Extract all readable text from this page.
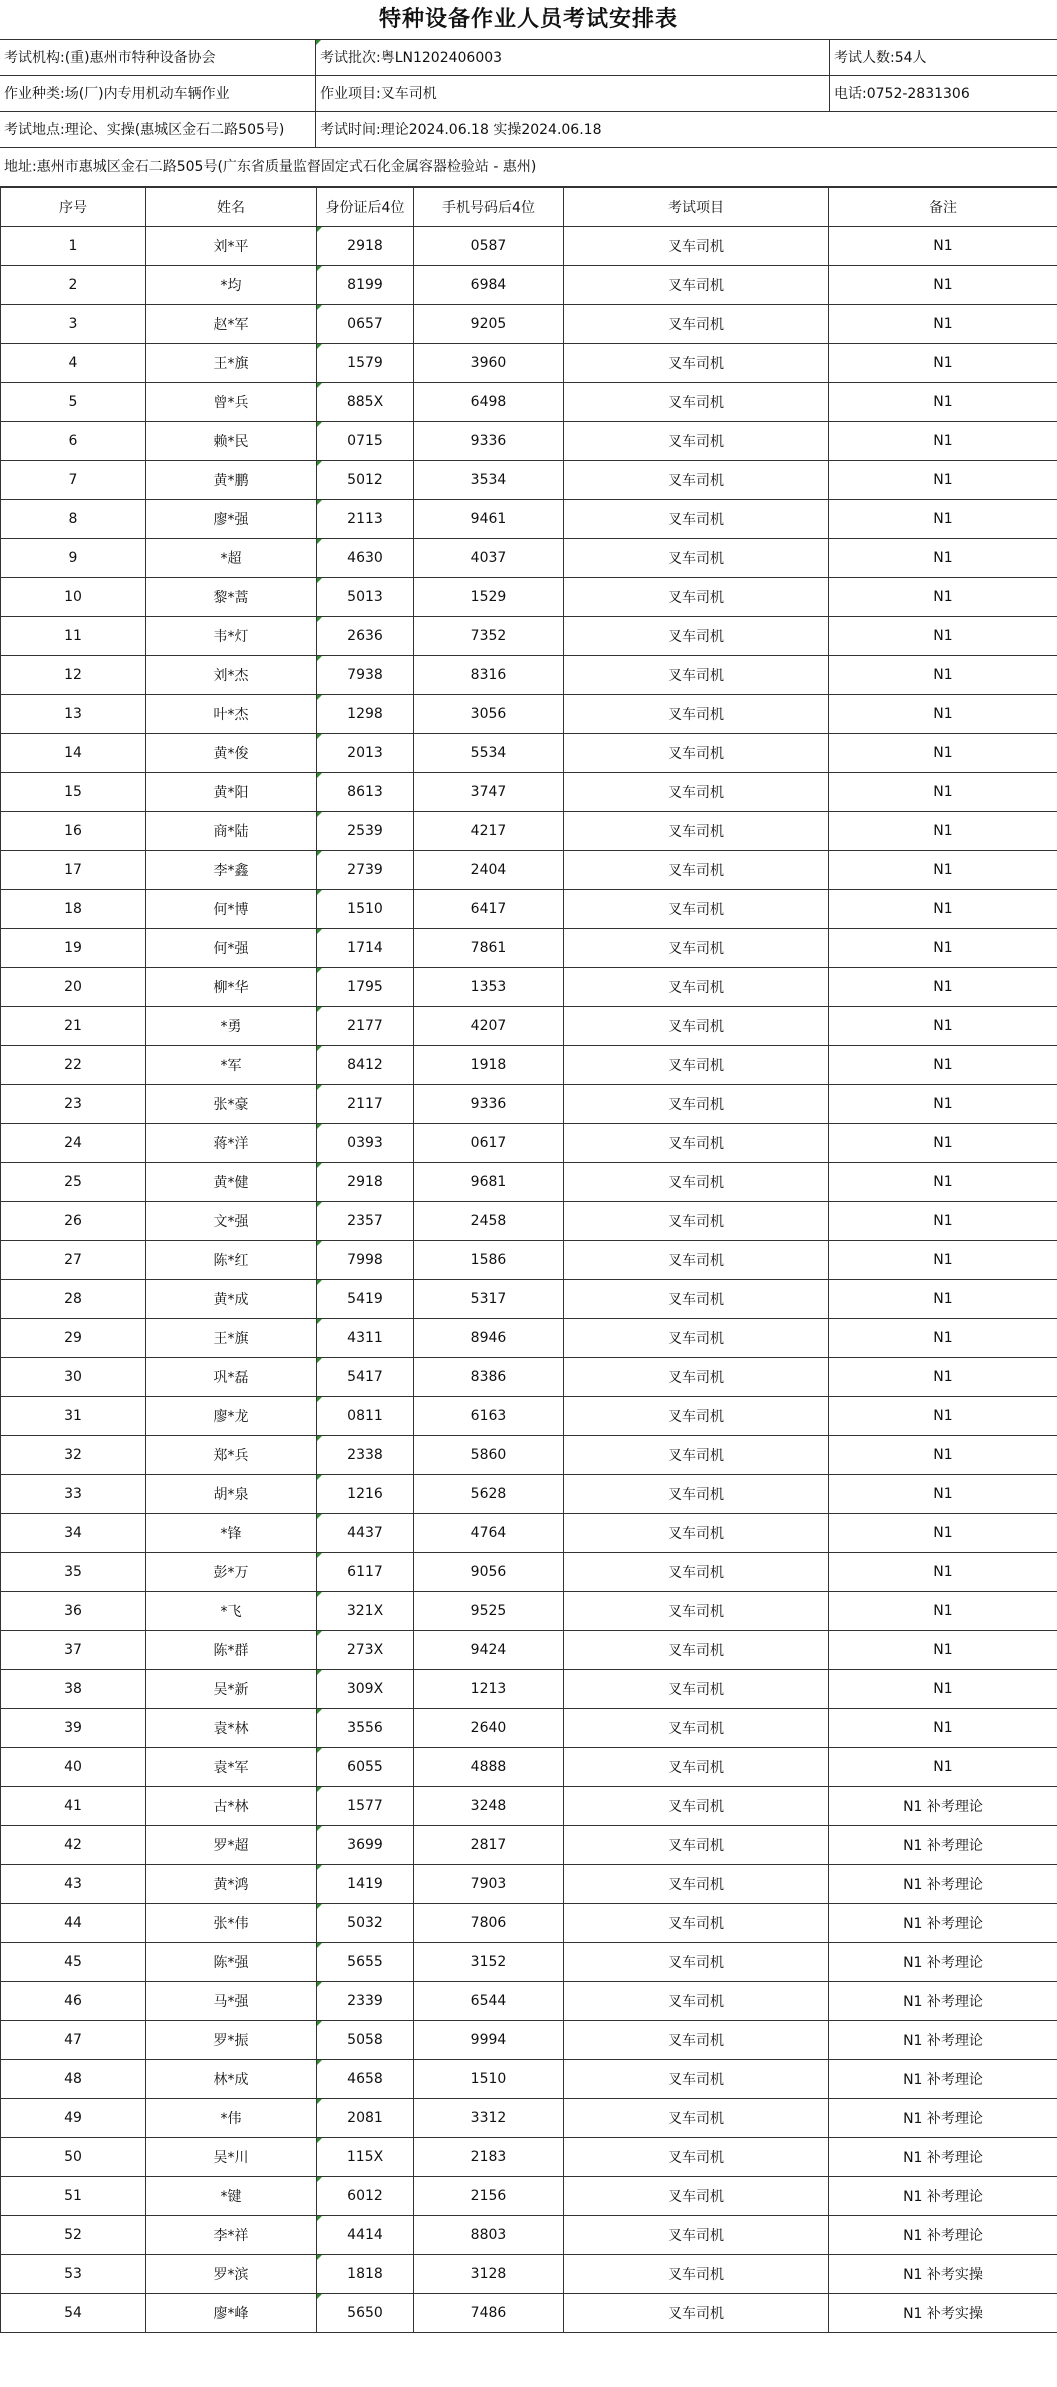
特种设备作业人员考试安排表
考试机构:(重)惠州市特种设备协会	考试批次:粤LN1202406003	考试人数:54人
作业种类:场(厂)内专用机动车辆作业	作业项目:叉车司机	电话:0752-2831306
考试地点:理论、实操(惠城区金石二路505号)	考试时间:理论2024.06.18 实操2024.06.18
地址:惠州市惠城区金石二路505号(广东省质量监督固定式石化金属容器检验站 - 惠州)
序号	姓名	身份证后4位	手机号码后4位	考试项目	备注
1	刘*平	2918	0587	叉车司机	N1
2	*均	8199	6984	叉车司机	N1
3	赵*军	0657	9205	叉车司机	N1
4	王*旗	1579	3960	叉车司机	N1
5	曾*兵	885X	6498	叉车司机	N1
6	赖*民	0715	9336	叉车司机	N1
7	黄*鹏	5012	3534	叉车司机	N1
8	廖*强	2113	9461	叉车司机	N1
9	*超	4630	4037	叉车司机	N1
10	黎*蒿	5013	1529	叉车司机	N1
11	韦*灯	2636	7352	叉车司机	N1
12	刘*杰	7938	8316	叉车司机	N1
13	叶*杰	1298	3056	叉车司机	N1
14	黄*俊	2013	5534	叉车司机	N1
15	黄*阳	8613	3747	叉车司机	N1
16	商*陆	2539	4217	叉车司机	N1
17	李*鑫	2739	2404	叉车司机	N1
18	何*博	1510	6417	叉车司机	N1
19	何*强	1714	7861	叉车司机	N1
20	柳*华	1795	1353	叉车司机	N1
21	*勇	2177	4207	叉车司机	N1
22	*军	8412	1918	叉车司机	N1
23	张*豪	2117	9336	叉车司机	N1
24	蒋*洋	0393	0617	叉车司机	N1
25	黄*健	2918	9681	叉车司机	N1
26	文*强	2357	2458	叉车司机	N1
27	陈*红	7998	1586	叉车司机	N1
28	黄*成	5419	5317	叉车司机	N1
29	王*旗	4311	8946	叉车司机	N1
30	巩*磊	5417	8386	叉车司机	N1
31	廖*龙	0811	6163	叉车司机	N1
32	郑*兵	2338	5860	叉车司机	N1
33	胡*泉	1216	5628	叉车司机	N1
34	*锋	4437	4764	叉车司机	N1
35	彭*万	6117	9056	叉车司机	N1
36	*飞	321X	9525	叉车司机	N1
37	陈*群	273X	9424	叉车司机	N1
38	吴*新	309X	1213	叉车司机	N1
39	袁*林	3556	2640	叉车司机	N1
40	袁*军	6055	4888	叉车司机	N1
41	古*林	1577	3248	叉车司机	N1 补考理论
42	罗*超	3699	2817	叉车司机	N1 补考理论
43	黄*鸿	1419	7903	叉车司机	N1 补考理论
44	张*伟	5032	7806	叉车司机	N1 补考理论
45	陈*强	5655	3152	叉车司机	N1 补考理论
46	马*强	2339	6544	叉车司机	N1 补考理论
47	罗*振	5058	9994	叉车司机	N1 补考理论
48	林*成	4658	1510	叉车司机	N1 补考理论
49	*伟	2081	3312	叉车司机	N1 补考理论
50	吴*川	115X	2183	叉车司机	N1 补考理论
51	*键	6012	2156	叉车司机	N1 补考理论
52	李*祥	4414	8803	叉车司机	N1 补考理论
53	罗*滨	1818	3128	叉车司机	N1 补考实操
54	廖*峰	5650	7486	叉车司机	N1 补考实操
